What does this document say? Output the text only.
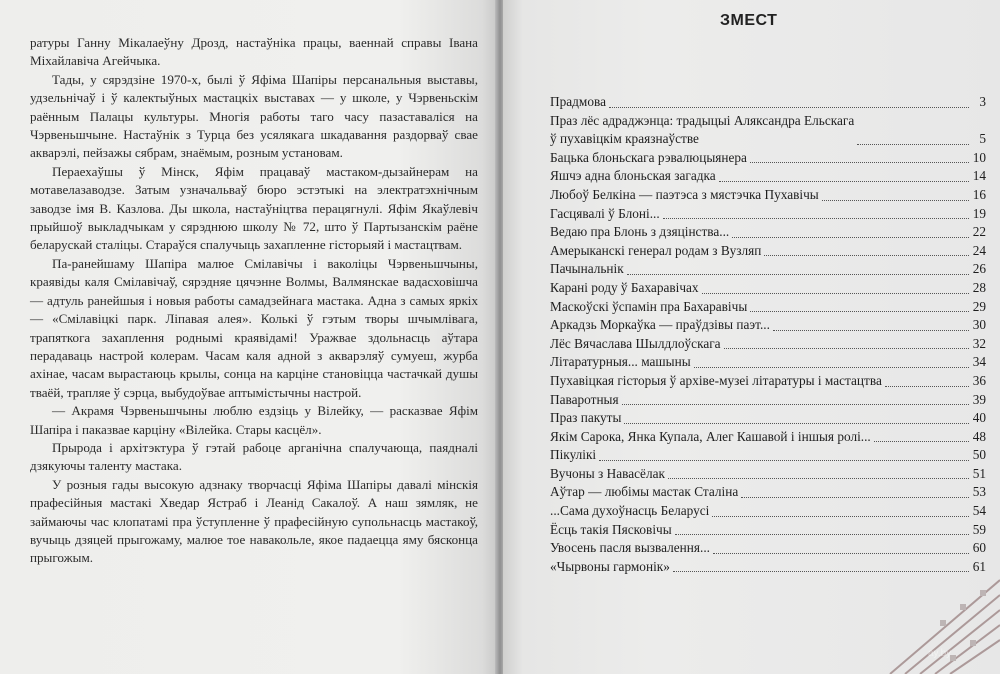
ратуры Ганну Мікалаеўну Дрозд, настаўніка працы, ваеннай справы Івана Міхайлавіча Агейчыка.

Тады, у сярэдзіне 1970-х, былі ў Яфіма Шапіры персанальныя выставы, удзельнічаў і ў калектыўных мастацкіх выставах — у школе, у Чэрвеньскім раённым Палацы культуры. Многія работы таго часу пазаставаліся на Чэрвеньшчыне. Настаўнік з Турца без усялякага шкадавання раздорваў свае акварэлі, пейзажы сябрам, знаёмым, розным установам.

Пераехаўшы ў Мінск, Яфім працаваў мастаком-дызайнерам на мотавелазаводзе. Затым узначальваў бюро эстэтыкі на электратэхнічным заводзе імя В. Казлова. Ды школа, настаўніцтва перацягнулі. Яфім Якаўлевіч прыйшоў выкладчыкам у сярэднюю школу № 72, што ў Партызанскім раёне беларускай сталіцы. Стараўся спалучыць захапленне гісторыяй і мастацтвам.

Па-ранейшаму Шапіра малюе Смілавічы і ваколіцы Чэрвеньшчыны, краявіды каля Смілавічаў, сярэдняе цячэнне Волмы, Валмянскае вадасховішча — адтуль ранейшыя і новыя работы самадзейнага мастака. Адна з самых яркіх — «Смілавіцкі парк. Ліпавая алея». Колькі ў гэтым творы шчымлівага, трапяткога захаплення роднымі краявідамі! Уражвае здольнасць аўтара перадаваць настрой колерам. Часам каля адной з акварэляў сумуеш, журба ахінае, часам вырастаюць крылы, сонца на карціне становіцца частачкай душы тваёй, трапляе ў сэрца, выбудоўвае аптымістычны настрой.

— Акрамя Чэрвеньшчыны люблю ездзіць у Вілейку, — расказвае Яфім Шапіра і паказвае карціну «Вілейка. Стары касцёл».

Прырода і архітэктура ў гэтай рабоце арганічна спалучающа, паядналі дзякуючы таленту мастака.

У розныя гады высокую адзнаку творчасці Яфіма Шапіры давалі мінскія прафесійныя мастакі Хведар Ястраб і Леанід Сакалоў. А наш зямляк, не займаючы час клопатамі пра ўступленне ў прафесійную супольнасць мастакоў, вучыць дзяцей прыгожаму, малюе тое навакольле, якое падаецца яму бясконца прыгожым.

ЗМЕСТ
Прадмова	3
Праз лёс адраджэнца: традыцыі Аляксандра Ельскага
ў пухавіцкім краязнаўстве	5
Бацька блоньскага рэвалюцыянера	10
Яшчэ адна блоньская загадка	14
Любоў Белкіна — паэтэса з мястэчка Пухавічы	16
Гасцявалі ў Блоні...	19
Ведаю пра Блонь з дзяцінства...	22
Амерыканскі генерал родам з Вузляп	24
Пачынальнік	26
Карані роду ў Бахаравічах	28
Маскоўскі ўспамін пра Бахаравічы	29
Аркадзь Моркаўка — праўдзівы паэт...	30
Лёс Вячаслава Шылдлоўскага	32
Літаратурныя... машыны	34
Пухавіцкая гісторыя ў архіве-музеі літаратуры і мастацтва	36
Паваротныя	39
Праз пакуты	40
Якім Сарока, Янка Купала, Алег Кашавой і іншыя ролі...	48
Пікулікі	50
Вучоны з Навасёлак	51
Аўтар — любімы мастак Сталіна	53
...Сама духоўнасць Беларусі	54
Ёсць такія Пясковічы	59
Увосень пасля вызвалення...	60
«Чырвоны гармонік»	61
ay.by
